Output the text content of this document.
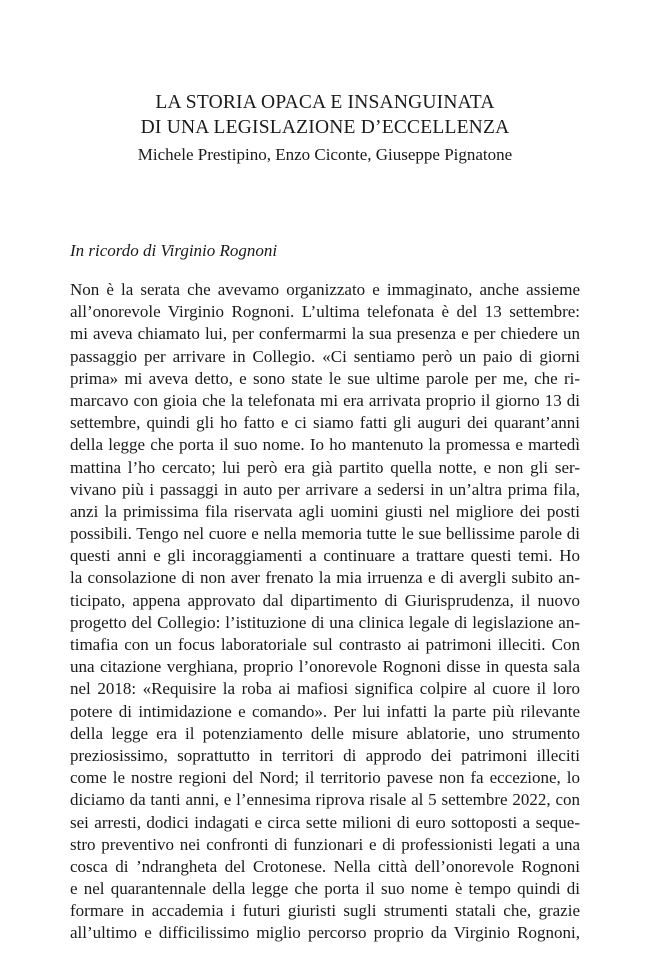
LA STORIA OPACA E INSANGUINATA
DI UNA LEGISLAZIONE D’ECCELLENZA
Michele Prestipino, Enzo Ciconte, Giuseppe Pignatone
In ricordo di Virginio Rognoni
Non è la serata che avevamo organizzato e immaginato, anche assieme
all’onorevole Virginio Rognoni. L’ultima telefonata è del 13 settembre:
mi aveva chiamato lui, per confermarmi la sua presenza e per chiedere un
passaggio per arrivare in Collegio. «Ci sentiamo però un paio di giorni
prima» mi aveva detto, e sono state le sue ultime parole per me, che ri-
marcavo con gioia che la telefonata mi era arrivata proprio il giorno 13 di
settembre, quindi gli ho fatto e ci siamo fatti gli auguri dei quarant’anni
della legge che porta il suo nome. Io ho mantenuto la promessa e martedì
mattina l’ho cercato; lui però era già partito quella notte, e non gli ser-
vivano più i passaggi in auto per arrivare a sedersi in un’altra prima fila,
anzi la primissima fila riservata agli uomini giusti nel migliore dei posti
possibili. Tengo nel cuore e nella memoria tutte le sue bellissime parole di
questi anni e gli incoraggiamenti a continuare a trattare questi temi. Ho
la consolazione di non aver frenato la mia irruenza e di avergli subito an-
ticipato, appena approvato dal dipartimento di Giurisprudenza, il nuovo
progetto del Collegio: l’istituzione di una clinica legale di legislazione an-
timafia con un focus laboratoriale sul contrasto ai patrimoni illeciti. Con
una citazione verghiana, proprio l’onorevole Rognoni disse in questa sala
nel 2018: «Requisire la roba ai mafiosi significa colpire al cuore il loro
potere di intimidazione e comando». Per lui infatti la parte più rilevante
della legge era il potenziamento delle misure ablatorie, uno strumento
preziosissimo, soprattutto in territori di approdo dei patrimoni illeciti
come le nostre regioni del Nord; il territorio pavese non fa eccezione, lo
diciamo da tanti anni, e l’ennesima riprova risale al 5 settembre 2022, con
sei arresti, dodici indagati e circa sette milioni di euro sottoposti a seque-
stro preventivo nei confronti di funzionari e di professionisti legati a una
cosca di ’ndrangheta del Crotonese. Nella città dell’onorevole Rognoni
e nel quarantennale della legge che porta il suo nome è tempo quindi di
formare in accademia i futuri giuristi sugli strumenti statali che, grazie
all’ultimo e difficilissimo miglio percorso proprio da Virginio Rognoni,
